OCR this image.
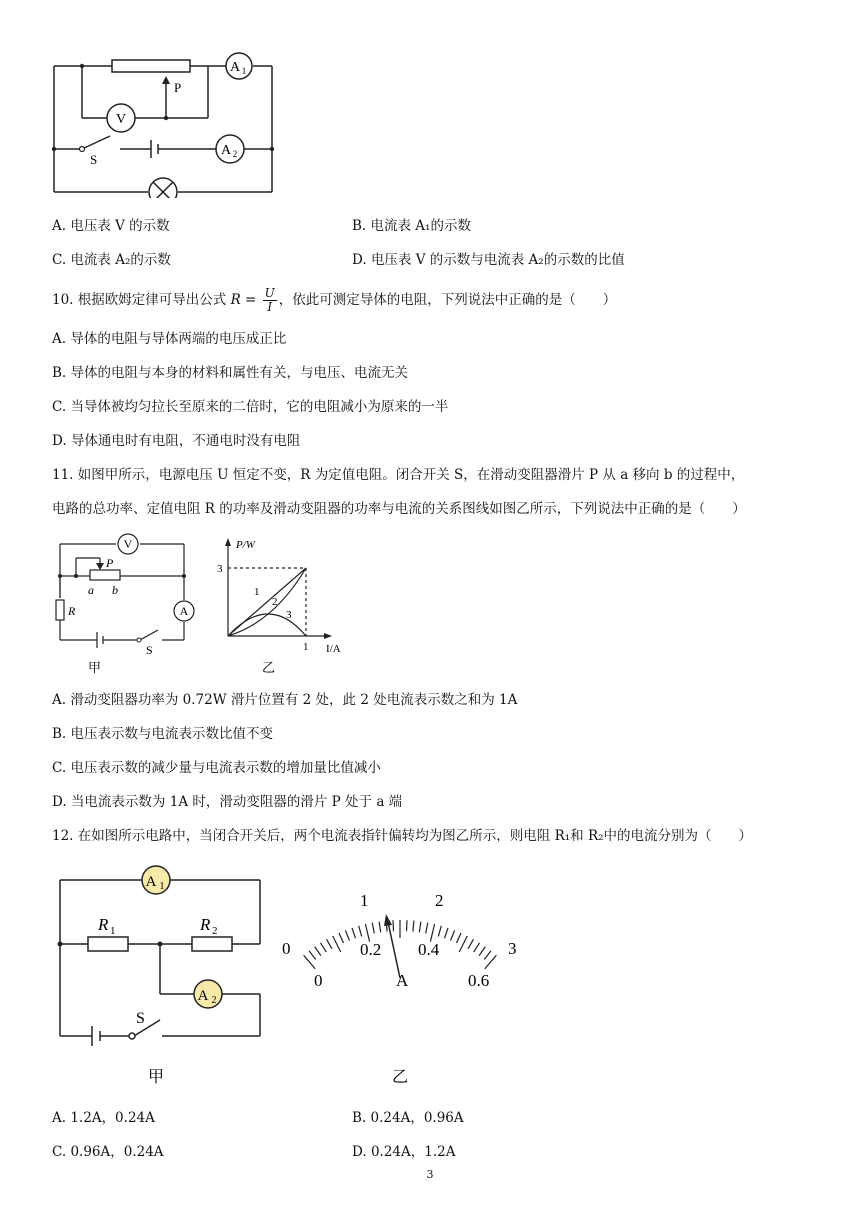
V
A 1
A 2
S
P
A. 电压表 V 的示数	B. 电流表 A₁的示数
C. 电流表 A₂的示数	D. 电压表 V 的示数与电流表 A₂的示数的比值
10. 根据欧姆定律可导出公式 $R = \frac{U}{I}$ ，依此可测定导体的电阻，下列说法中正确的是（　　）
A. 导体的电阻与导体两端的电压成正比
B. 导体的电阻与本身的材料和属性有关，与电压、电流无关
C. 当导体被均匀拉长至原来的二倍时，它的电阻减小为原来的一半
D. 导体通电时有电阻，不通电时没有电阻
11. 如图甲所示，电源电压 U 恒定不变，R 为定值电阻。闭合开关 S，在滑动变阻器滑片 P 从 a 移向 b 的过程中，
电路的总功率、定值电阻 R 的功率及滑动变阻器的功率与电流的关系图线如图乙所示，下列说法中正确的是（　　）
V
A
R
P
a b
S
甲
P/W
I/A
3
1
1
2
3
乙
A. 滑动变阻器功率为 0.72W 滑片位置有 2 处，此 2 处电流表示数之和为 1A
B. 电压表示数与电流表示数比值不变
C. 电压表示数的减少量与电流表示数的增加量比值减小
D. 当电流表示数为 1A 时，滑动变阻器的滑片 P 处于 a 端
12. 在如图所示电路中，当闭合开关后，两个电流表指针偏转均为图乙所示，则电阻 R₁和 R₂中的电流分别为（　　）
A 1
A 2
R 1	R 2
S
甲
0
1	2
3
0
0.2 0.4
0.6
A
乙
A. 1.2A，0.24A	B. 0.24A，0.96A
C. 0.96A，0.24A	D. 0.24A，1.2A
3
